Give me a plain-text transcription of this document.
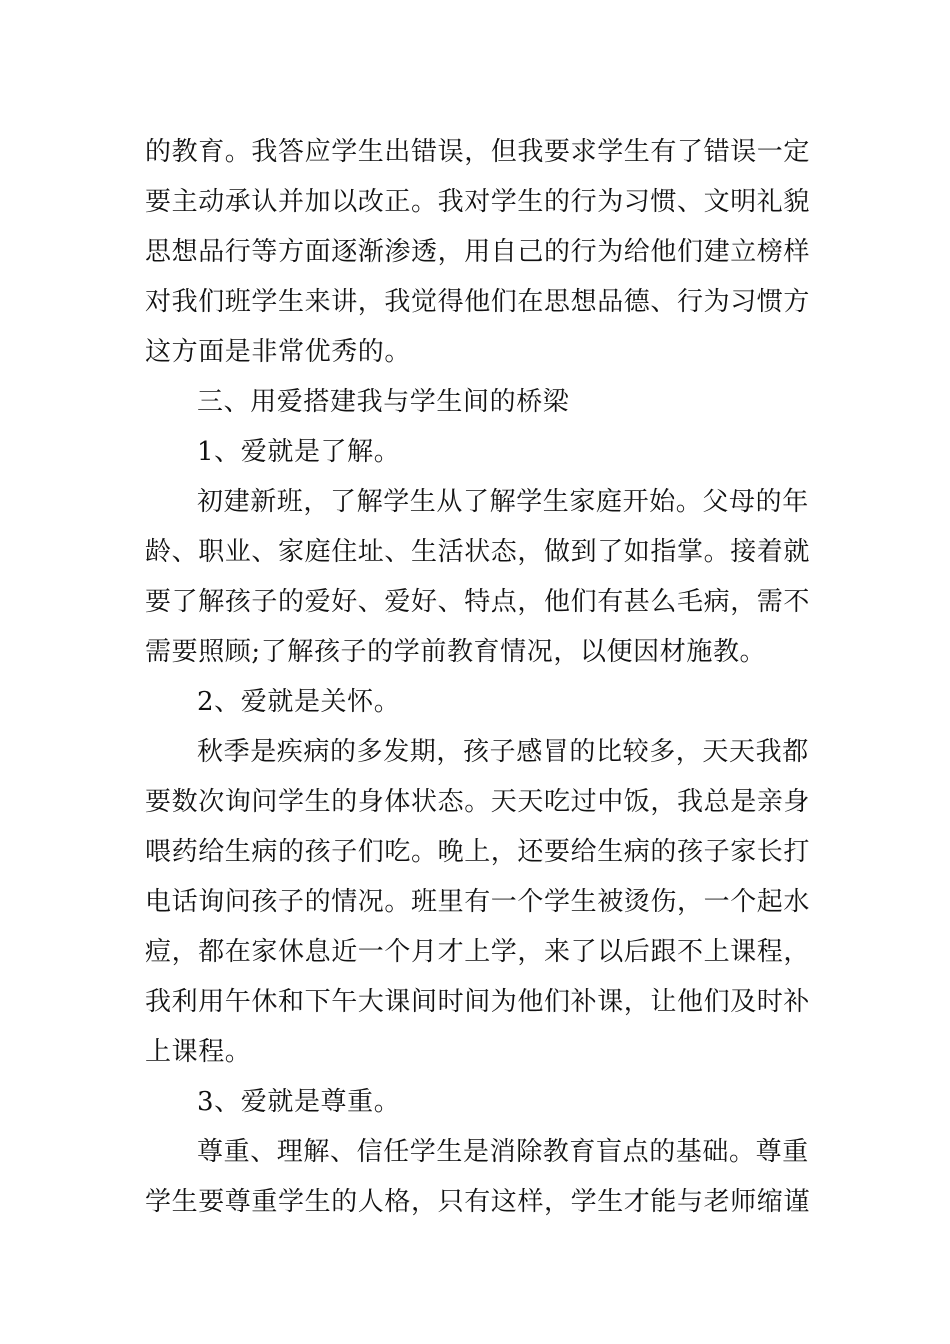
的教育。我答应学生出错误，但我要求学生有了错误一定
要主动承认并加以改正。我对学生的行为习惯、文明礼貌
思想品行等方面逐渐渗透，用自己的行为给他们建立榜样
对我们班学生来讲，我觉得他们在思想品德、行为习惯方
这方面是非常优秀的。
三、用爱搭建我与学生间的桥梁
1、爱就是了解。
初建新班，了解学生从了解学生家庭开始。父母的年
龄、职业、家庭住址、生活状态，做到了如指掌。接着就
要了解孩子的爱好、爱好、特点，他们有甚么毛病，需不
需要照顾;了解孩子的学前教育情况，以便因材施教。
2、爱就是关怀。
秋季是疾病的多发期，孩子感冒的比较多，天天我都
要数次询问学生的身体状态。天天吃过中饭，我总是亲身
喂药给生病的孩子们吃。晚上，还要给生病的孩子家长打
电话询问孩子的情况。班里有一个学生被烫伤，一个起水
痘，都在家休息近一个月才上学，来了以后跟不上课程，
我利用午休和下午大课间时间为他们补课，让他们及时补
上课程。
3、爱就是尊重。
尊重、理解、信任学生是消除教育盲点的基础。尊重
学生要尊重学生的人格，只有这样，学生才能与老师缩谨
